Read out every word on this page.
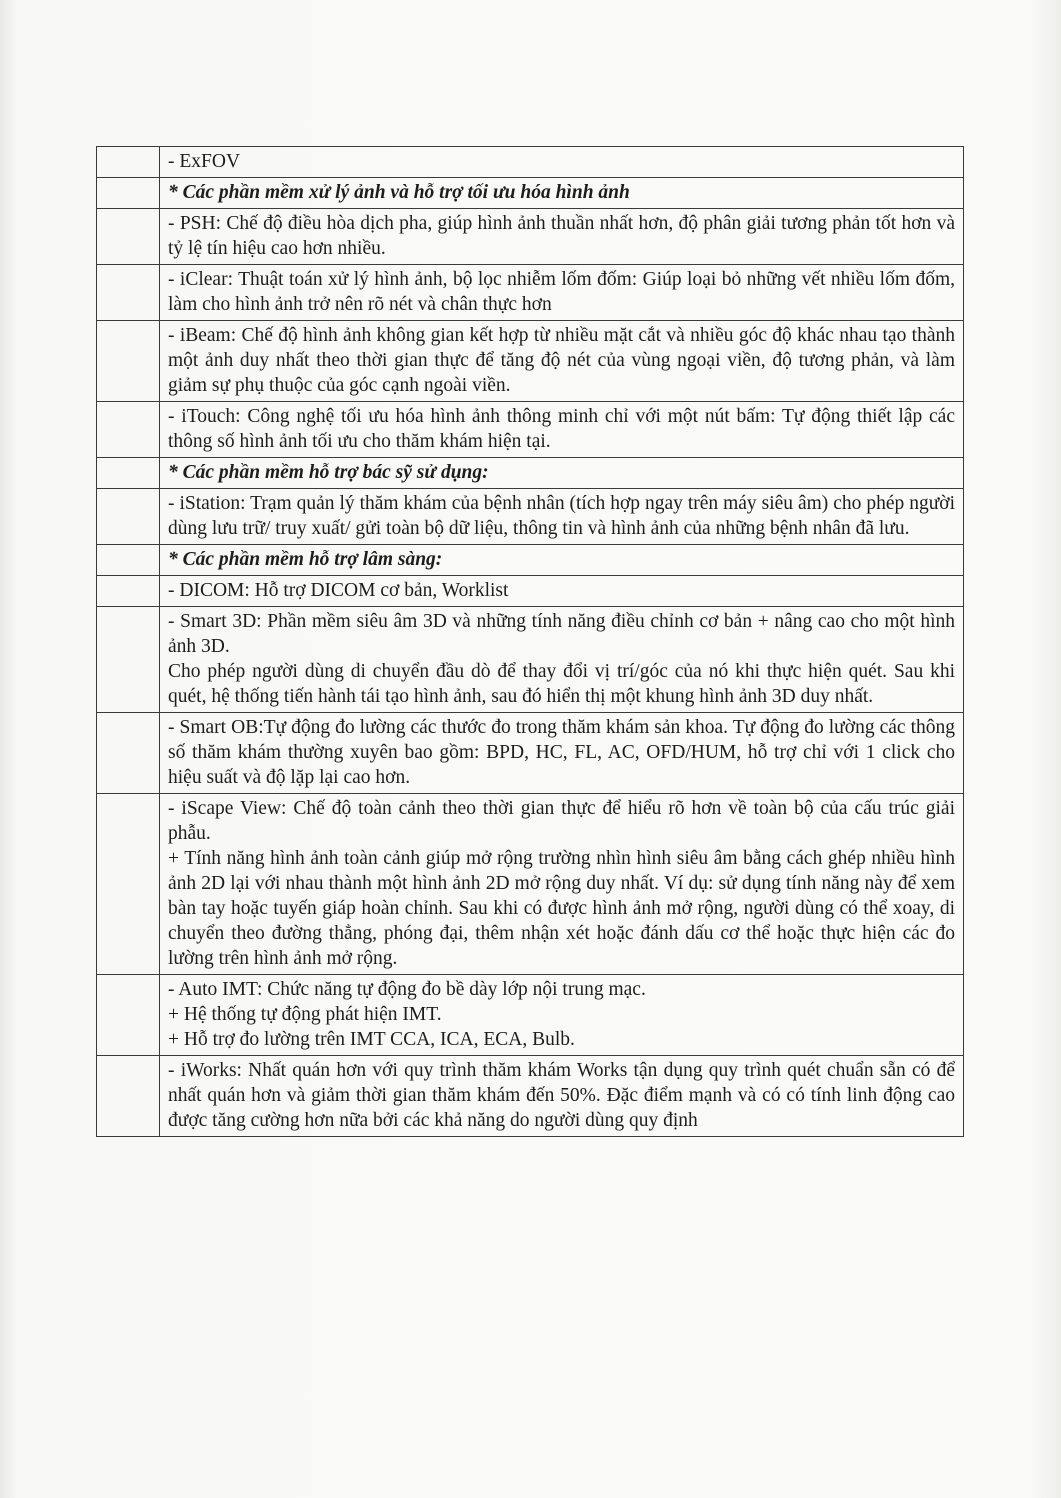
	- ExFOV

	* Các phần mềm xử lý ảnh và hỗ trợ tối ưu hóa hình ảnh

	- PSH: Chế độ điều hòa dịch pha, giúp hình ảnh thuần nhất hơn, độ phân giải tương phản tốt hơn và tỷ lệ tín hiệu cao hơn nhiều.

	- iClear: Thuật toán xử lý hình ảnh, bộ lọc nhiễm lốm đốm: Giúp loại bỏ những vết nhiều lốm đốm, làm cho hình ảnh trở nên rõ nét và chân thực hơn

	- iBeam: Chế độ hình ảnh không gian kết hợp từ nhiều mặt cắt và nhiều góc độ khác nhau tạo thành một ảnh duy nhất theo thời gian thực để tăng độ nét của vùng ngoại viền, độ tương phản, và làm giảm sự phụ thuộc của góc cạnh ngoài viền.

	- iTouch: Công nghệ tối ưu hóa hình ảnh thông minh chỉ với một nút bấm: Tự động thiết lập các thông số hình ảnh tối ưu cho thăm khám hiện tại.

	* Các phần mềm hỗ trợ bác sỹ sử dụng:

	- iStation: Trạm quản lý thăm khám của bệnh nhân (tích hợp ngay trên máy siêu âm) cho phép người dùng lưu trữ/ truy xuất/ gửi toàn bộ dữ liệu, thông tin và hình ảnh của những bệnh nhân đã lưu.

	* Các phần mềm hỗ trợ lâm sàng:

	- DICOM: Hỗ trợ DICOM cơ bản, Worklist

	- Smart 3D: Phần mềm siêu âm 3D và những tính năng điều chỉnh cơ bản + nâng cao cho một hình ảnh 3D.
Cho phép người dùng di chuyển đầu dò để thay đổi vị trí/góc của nó khi thực hiện quét. Sau khi quét, hệ thống tiến hành tái tạo hình ảnh, sau đó hiển thị một khung hình ảnh 3D duy nhất.

	- Smart OB:Tự động đo lường các thước đo trong thăm khám sản khoa. Tự động đo lường các thông số thăm khám thường xuyên bao gồm: BPD, HC, FL, AC, OFD/HUM, hỗ trợ chỉ với 1 click cho hiệu suất và độ lặp lại cao hơn.

	- iScape View: Chế độ toàn cảnh theo thời gian thực để hiểu rõ hơn về toàn bộ của cấu trúc giải phẫu.
+ Tính năng hình ảnh toàn cảnh giúp mở rộng trường nhìn hình siêu âm bằng cách ghép nhiều hình ảnh 2D lại với nhau thành một hình ảnh 2D mở rộng duy nhất. Ví dụ: sử dụng tính năng này để xem bàn tay hoặc tuyến giáp hoàn chỉnh. Sau khi có được hình ảnh mở rộng, người dùng có thể xoay, di chuyển theo đường thẳng, phóng đại, thêm nhận xét hoặc đánh dấu cơ thể hoặc thực hiện các đo lường trên hình ảnh mở rộng.

	- Auto IMT: Chức năng tự động đo bề dày lớp nội trung mạc.
+ Hệ thống tự động phát hiện IMT.
+ Hỗ trợ đo lường trên IMT CCA, ICA, ECA, Bulb.

	- iWorks: Nhất quán hơn với quy trình thăm khám Works tận dụng quy trình quét chuẩn sẵn có để nhất quán hơn và giảm thời gian thăm khám đến 50%. Đặc điểm mạnh và có có tính linh động cao được tăng cường hơn nữa bởi các khả năng do người dùng quy định
